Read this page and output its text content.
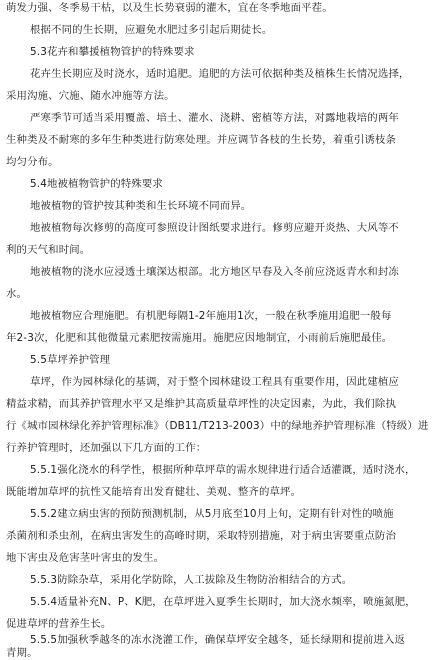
萌发力强、冬季易干枯，以及生长势衰弱的灌木，宜在冬季地面平茬。
根据不同的生长期，应避免水肥过多引起后期徒长。
5.3花卉和攀援植物管护的特殊要求
花卉生长期应及时浇水，适时追肥。追肥的方法可依据种类及植株生长情况选择，
采用沟施、穴施、随水冲施等方法。
严寒季节可适当采用覆盖、培土、灌水、浇耕、密植等方法，对露地栽培的两年
生种类及不耐寒的多年生种类进行防寒处理。并应调节各枝的生长势，着重引诱枝条
均匀分布。
5.4地被植物管护的特殊要求
地被植物的管护按其种类和生长环境不同而异。
地被植物每次修剪的高度可参照设计图纸要求进行。修剪应避开炎热、大风等不
利的天气和时间。
地被植物的浇水应浸透土壤深达根部。北方地区早春及入冬前应浇返青水和封冻
水。
地被植物应合理施肥。有机肥每隔1-2年施用1次，一般在秋季施用追肥一般每
年2-3次，化肥和其他微量元素肥按需施用。施肥应因地制宜，小雨前后施肥最佳。
5.5草坪养护管理
草坪，作为园林绿化的基调，对于整个园林建设工程具有重要作用，因此建植应
精益求精，而其养护管理水平又是维护其高质量草坪性的决定因素，为此，我们除执
行《城市园林绿化养护管理标准》（DB11/T213-2003）中的绿地养护管理标准（特级）进
行养护管理时，还加强以下几方面的工作：
5.5.1强化浇水的科学性，根据所种草坪草的需水规律进行适合适灌溉，适时浇水，
既能增加草坪的抗性又能培育出发育健壮、美观、整齐的草坪。
5.5.2建立病虫害的预防预测机制，从5月底至10月上旬，定期有针对性的喷施
杀菌剂和杀虫剂，在病虫害发生的高峰时期，采取特别措施，对于病虫害要重点防治
地下害虫及危害茎叶害虫的发生。
5.5.3防除杂草，采用化学防除，人工拔除及生物防治相结合的方式。
5.5.4适量补充N、P、K肥，在草坪进入夏季生长期时，加大浇水频率，喷施氮肥，
促进草坪的营养生长。
5.5.5加强秋季越冬的冻水浇灌工作，确保草坪安全越冬，延长绿期和提前进入返
青期。
